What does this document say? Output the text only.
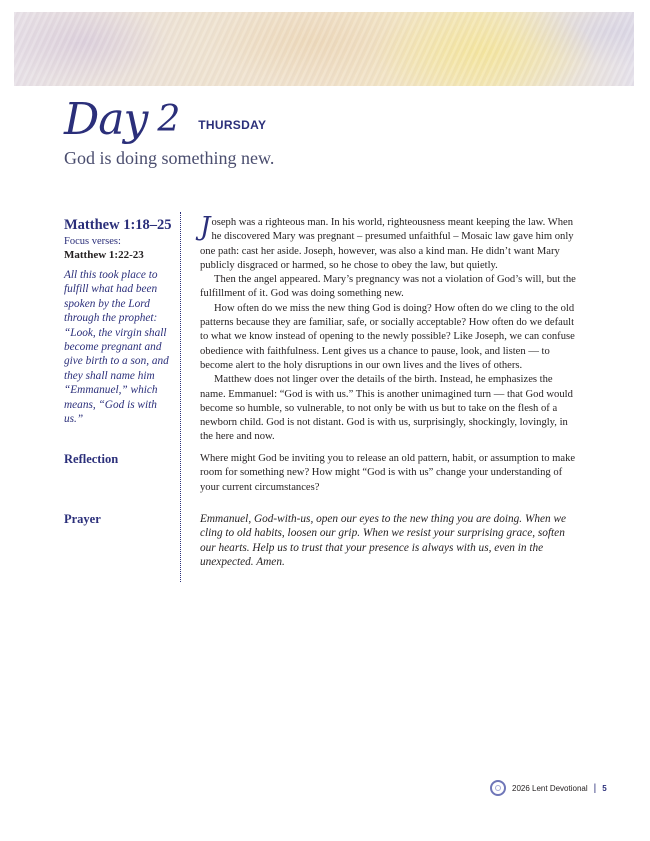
Day 2 THURSDAY
God is doing something new.
Matthew 1:18–25
Focus verses:
Matthew 1:22-23
All this took place to fulfill what had been spoken by the Lord through the prophet: “Look, the virgin shall become pregnant and give birth to a son, and they shall name him “Emmanuel,” which means, “God is with us.”

Joseph was a righteous man. In his world, righteousness meant keeping the law. When he discovered Mary was pregnant – presumed unfaithful – Mosaic law gave him only one path: cast her aside. Joseph, however, was also a kind man. He didn’t want Mary publicly disgraced or harmed, so he chose to obey the law, but quietly.

Then the angel appeared. Mary’s pregnancy was not a violation of God’s will, but the fulfillment of it. God was doing something new.

How often do we miss the new thing God is doing? How often do we cling to the old patterns because they are familiar, safe, or socially acceptable? How often do we default to what we know instead of opening to the newly possible? Like Joseph, we can confuse obedience with faithfulness. Lent gives us a chance to pause, look, and listen — to become alert to the holy disruptions in our own lives and the lives of others.

Matthew does not linger over the details of the birth. Instead, he emphasizes the name. Emmanuel: “God is with us.” This is another unimagined turn — that God would become so humble, so vulnerable, to not only be with us but to take on the flesh of a newborn child. God is not distant. God is with us, surprisingly, shockingly, lovingly, in the here and now.

Reflection	Where might God be inviting you to release an old pattern, habit, or assumption to make room for something new? How might “God is with us” change your understanding of your current circumstances?
Prayer	Emmanuel, God-with-us, open our eyes to the new thing you are doing. When we cling to old habits, loosen our grip. When we resist your surprising grace, soften our hearts. Help us to trust that your presence is always with us, even in the unexpected. Amen.
2026 Lent Devotional | 5
